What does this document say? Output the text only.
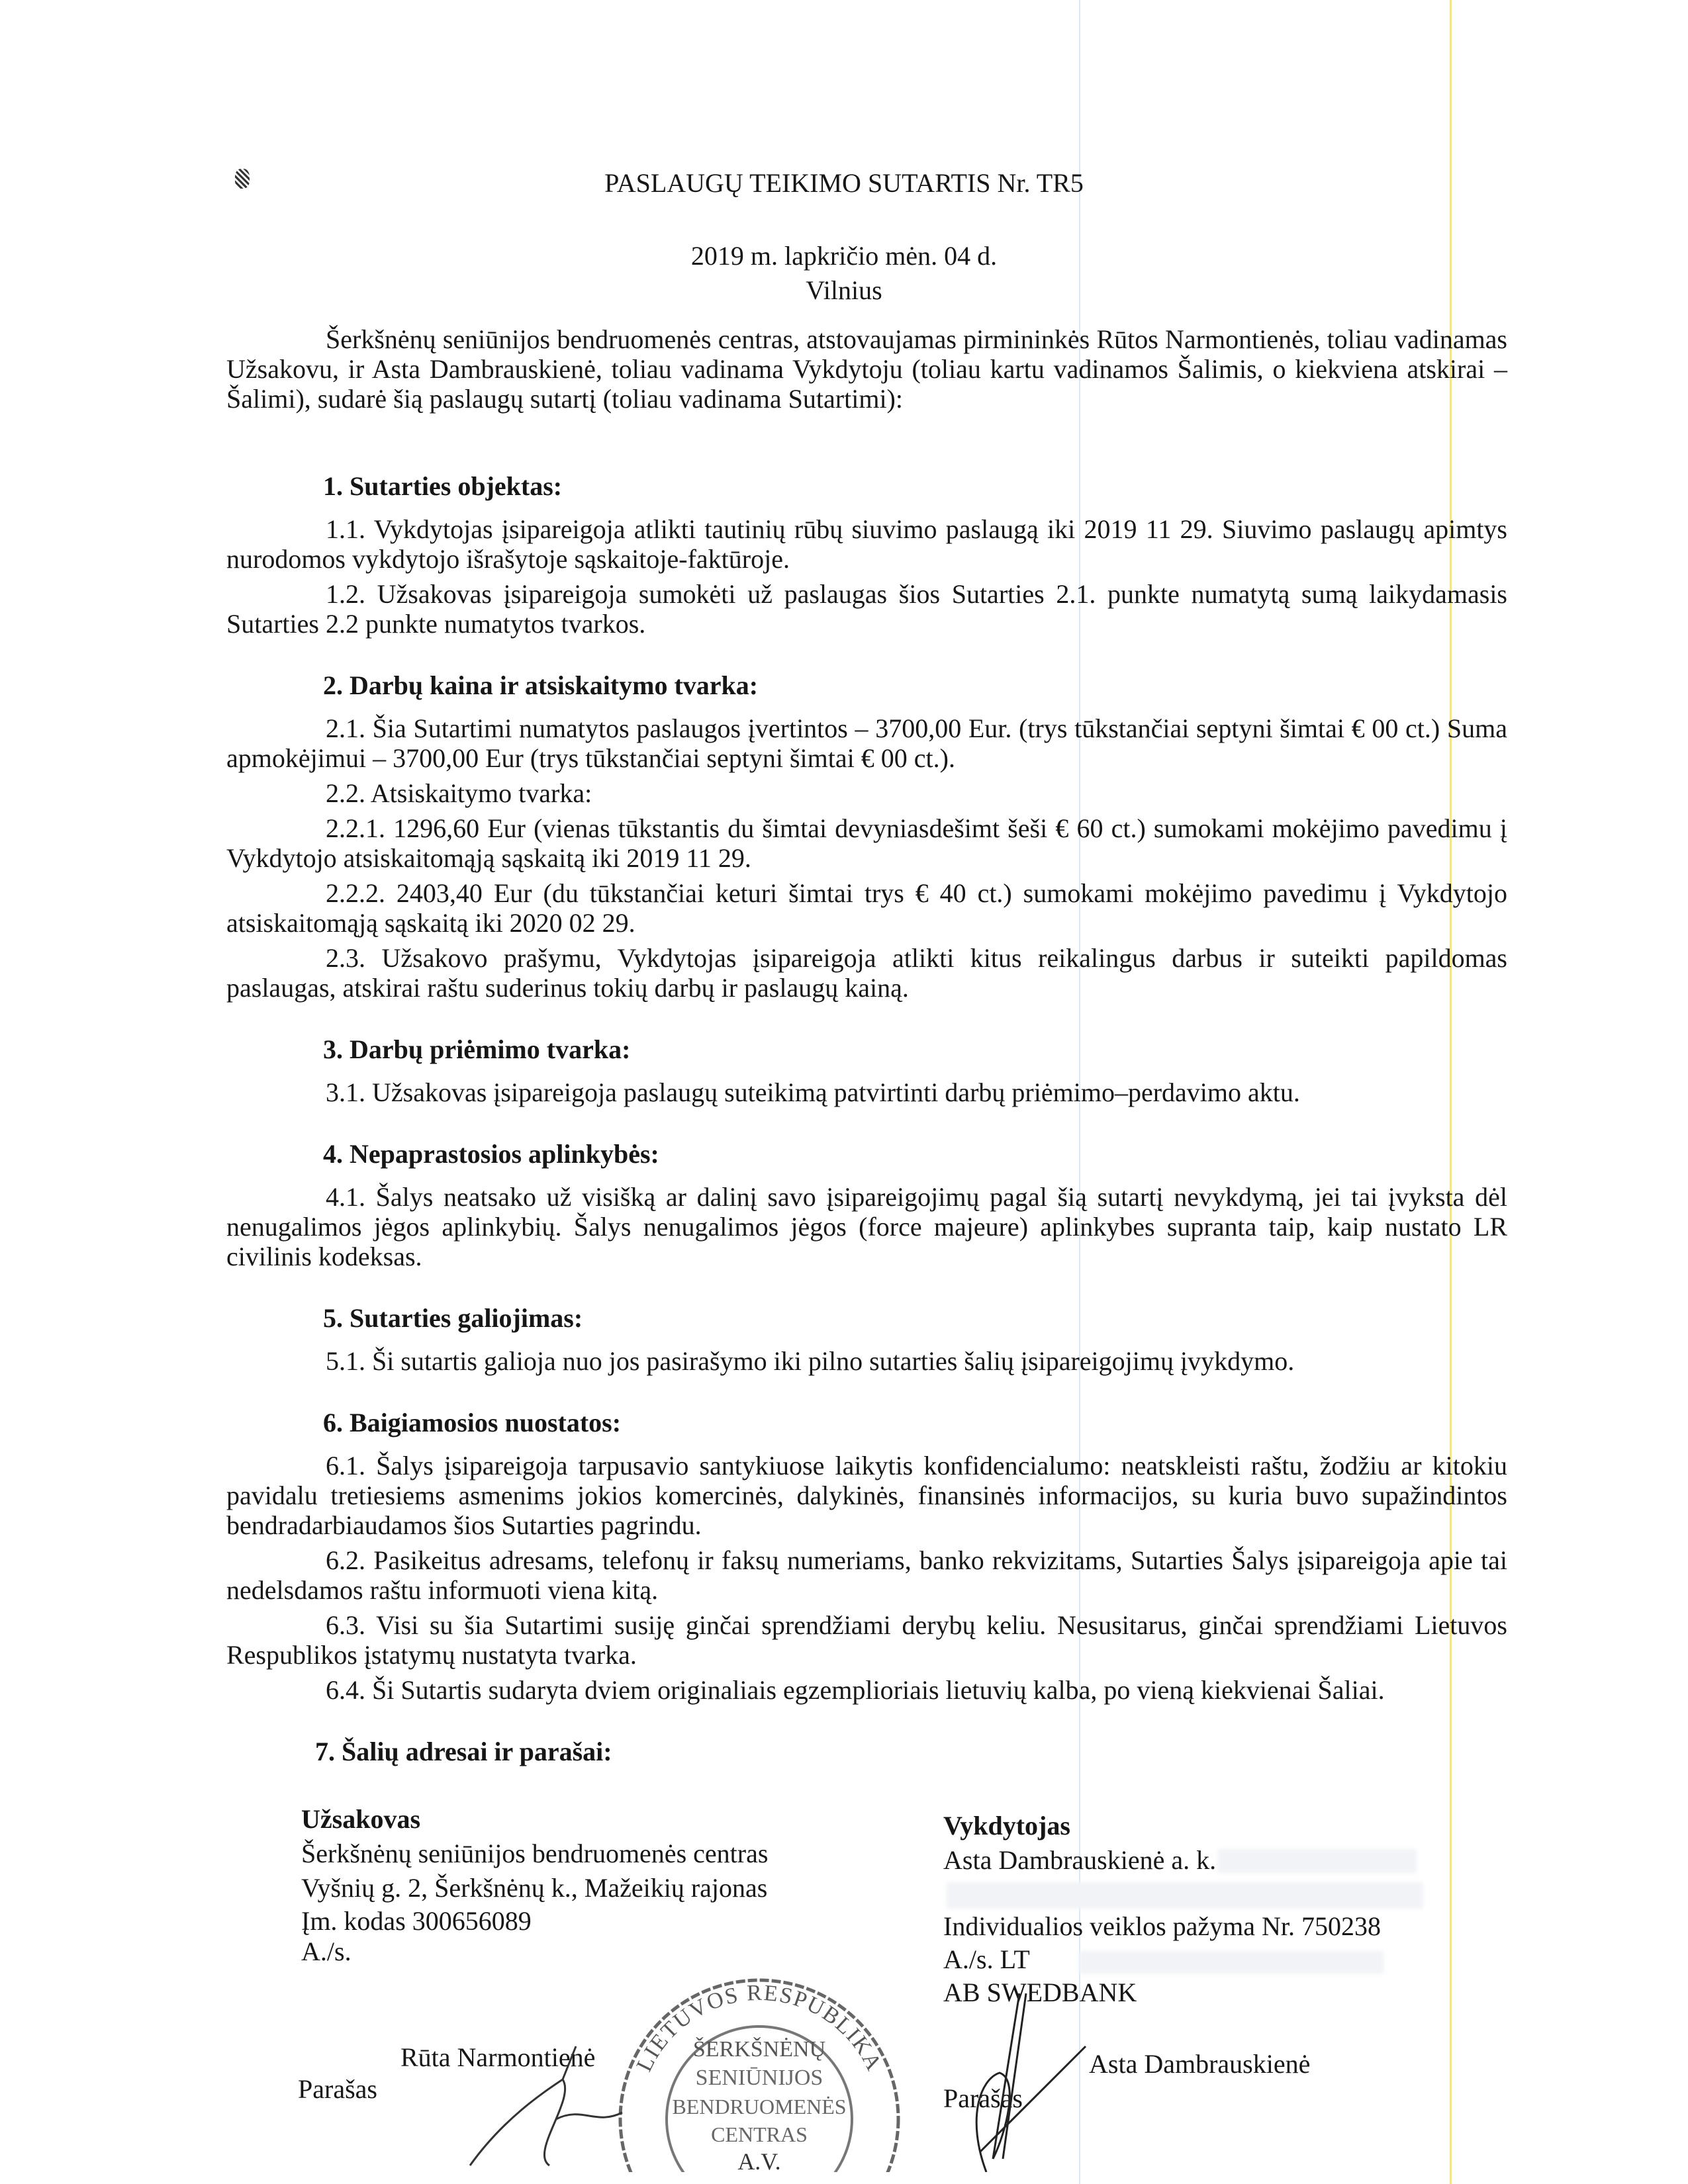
PASLAUGŲ TEIKIMO SUTARTIS Nr. TR5
2019 m. lapkričio mėn. 04 d.
Vilnius
Šerkšnėnų seniūnijos bendruomenės centras, atstovaujamas pirmininkės Rūtos Narmontienės, toliau vadinamas Užsakovu, ir Asta Dambrauskienė, toliau vadinama Vykdytoju (toliau kartu vadinamos Šalimis, o kiekviena atskirai – Šalimi), sudarė šią paslaugų sutartį (toliau vadinama Sutartimi):
1. Sutarties objektas:
1.1. Vykdytojas įsipareigoja atlikti tautinių rūbų siuvimo paslaugą iki 2019 11 29. Siuvimo paslaugų apimtys nurodomos vykdytojo išrašytoje sąskaitoje-faktūroje.
1.2. Užsakovas įsipareigoja sumokėti už paslaugas šios Sutarties 2.1. punkte numatytą sumą laikydamasis Sutarties 2.2 punkte numatytos tvarkos.
2. Darbų kaina ir atsiskaitymo tvarka:
2.1. Šia Sutartimi numatytos paslaugos įvertintos – 3700,00 Eur. (trys tūkstančiai septyni šimtai € 00 ct.) Suma apmokėjimui – 3700,00 Eur (trys tūkstančiai septyni šimtai € 00 ct.).
2.2. Atsiskaitymo tvarka:
2.2.1. 1296,60 Eur (vienas tūkstantis du šimtai devyniasdešimt šeši € 60 ct.) sumokami mokėjimo pavedimu į Vykdytojo atsiskaitomąją sąskaitą iki 2019 11 29.
2.2.2. 2403,40 Eur (du tūkstančiai keturi šimtai trys € 40 ct.) sumokami mokėjimo pavedimu į Vykdytojo atsiskaitomąją sąskaitą iki 2020 02 29.
2.3. Užsakovo prašymu, Vykdytojas įsipareigoja atlikti kitus reikalingus darbus ir suteikti papildomas paslaugas, atskirai raštu suderinus tokių darbų ir paslaugų kainą.
3. Darbų priėmimo tvarka:
3.1. Užsakovas įsipareigoja paslaugų suteikimą patvirtinti darbų priėmimo–perdavimo aktu.
4. Nepaprastosios aplinkybės:
4.1. Šalys neatsako už visišką ar dalinį savo įsipareigojimų pagal šią sutartį nevykdymą, jei tai įvyksta dėl nenugalimos jėgos aplinkybių. Šalys nenugalimos jėgos (force majeure) aplinkybes supranta taip, kaip nustato LR civilinis kodeksas.
5. Sutarties galiojimas:
5.1. Ši sutartis galioja nuo jos pasirašymo iki pilno sutarties šalių įsipareigojimų įvykdymo.
6. Baigiamosios nuostatos:
6.1. Šalys įsipareigoja tarpusavio santykiuose laikytis konfidencialumo: neatskleisti raštu, žodžiu ar kitokiu pavidalu tretiesiems asmenims jokios komercinės, dalykinės, finansinės informacijos, su kuria buvo supažindintos bendradarbiaudamos šios Sutarties pagrindu.
6.2. Pasikeitus adresams, telefonų ir faksų numeriams, banko rekvizitams, Sutarties Šalys įsipareigoja apie tai nedelsdamos raštu informuoti viena kitą.
6.3. Visi su šia Sutartimi susiję ginčai sprendžiami derybų keliu. Nesusitarus, ginčai sprendžiami Lietuvos Respublikos įstatymų nustatyta tvarka.
6.4. Ši Sutartis sudaryta dviem originaliais egzemplioriais lietuvių kalba, po vieną kiekvienai Šaliai.
7. Šalių adresai ir parašai:
Užsakovas
Šerkšnėnų seniūnijos bendruomenės centras
Vyšnių g. 2, Šerkšnėnų k., Mažeikių rajonas
Įm. kodas 300656089
A./s.
Rūta Narmontienė
Parašas
LIETUVOS RESPUBLIKA
ŠERKŠNĖNŲ
SENIŪNIJOS
BENDRUOMENĖS
CENTRAS
A.V.
Vykdytojas
Asta Dambrauskienė a. k.
Individualios veiklos pažyma Nr. 750238
A./s. LT
AB SWEDBANK
Asta Dambrauskienė
Parašas
